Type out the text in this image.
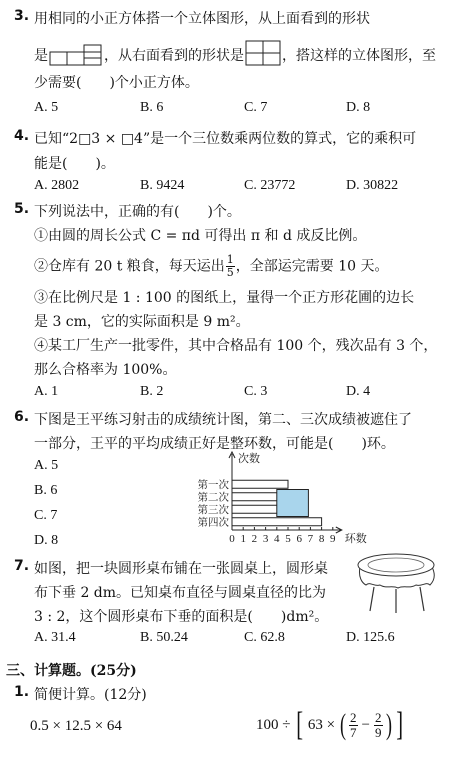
3. 用相同的小正方体搭一个立体图形，从上面看到的形状
是	，从右面看到的形状是	，搭这样的立体图形，至
少需要(　　)个小正方体。
A. 5	B. 6	C. 7	D. 8
4. 已知“2□3 × □4”是一个三位数乘两位数的算式，它的乘积可
能是(　　)。
A. 2802	B. 9424	C. 23772	D. 30822
5. 下列说法中，正确的有(　　)个。
①由圆的周长公式 C = πd 可得出 π 和 d 成反比例。
②仓库有 20 t 粮食，每天运出 $\frac{1}{5}$ ，全部运完需要 10 天。
③在比例尺是 1 : 100 的图纸上，量得一个正方形花圃的边长
是 3 cm，它的实际面积是 9 m²。
④某工厂生产一批零件，其中合格品有 100 个，残次品有 3 个，
那么合格率为 100%。
A. 1	B. 2	C. 3	D. 4
6. 下图是王平练习射击的成绩统计图，第二、三次成绩被遮住了
一部分，王平的平均成绩正好是整环数，可能是(　　)环。
A. 5
B. 6
C. 7
D. 8
次数
0 1 2 3 4 5 6 7 8 9 环数
第一次
第二次
第三次
第四次
7. 如图，把一块圆形桌布铺在一张圆桌上，圆形桌
布下垂 2 dm。已知桌布直径与圆桌直径的比为
3 : 2，这个圆形桌布下垂的面积是(　　)dm²。
A. 31.4	B. 50.24	C. 62.8	D. 125.6
三、计算题。(25分)
1. 简便计算。(12分)
0.5 × 12.5 × 64	100 ÷ [ 63 × ( $\frac{2}{7} - \frac{2}{9}$ ) ]
